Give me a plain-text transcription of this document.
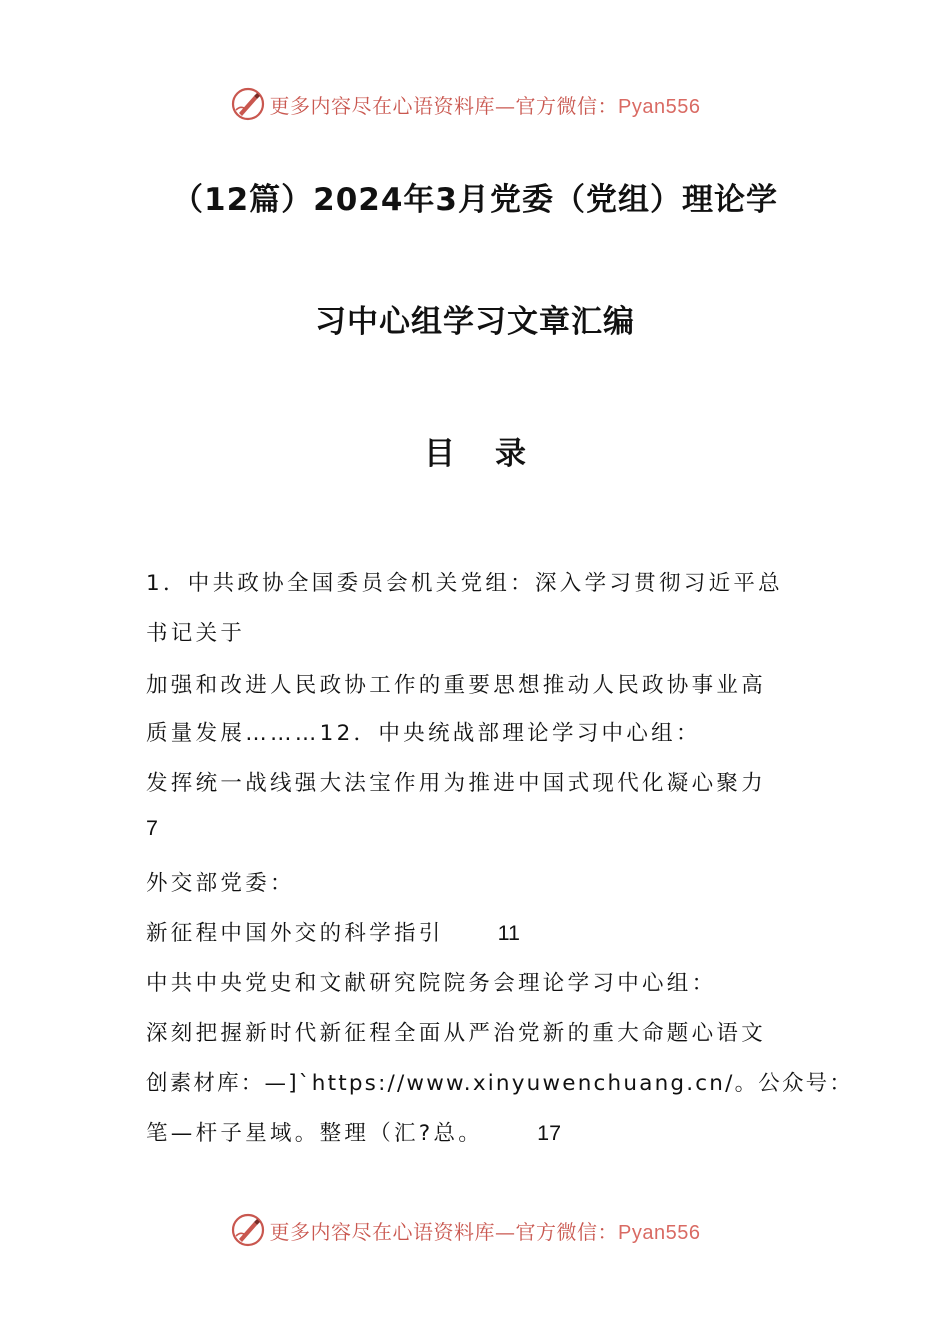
更多内容尽在心语资料库—官方微信：Pyan556
（12篇）2024年3月党委（党组）理论学
习中心组学习文章汇编
目录
1．中共政协全国委员会机关党组：深入学习贯彻习近平总
书记关于
加强和改进人民政协工作的重要思想推动人民政协事业高
质量发展………12．中央统战部理论学习中心组：
发挥统一战线强大法宝作用为推进中国式现代化凝心聚力
7
外交部党委：
新征程中国外交的科学指引	11
中共中央党史和文献研究院院务会理论学习中心组：
深刻把握新时代新征程全面从严治党新的重大命题心语文
创素材库：—]`https://www.xinyuwenchuang.cn/。公众号：
笔—杆子星域。整理（汇?总。	17
更多内容尽在心语资料库—官方微信：Pyan556
